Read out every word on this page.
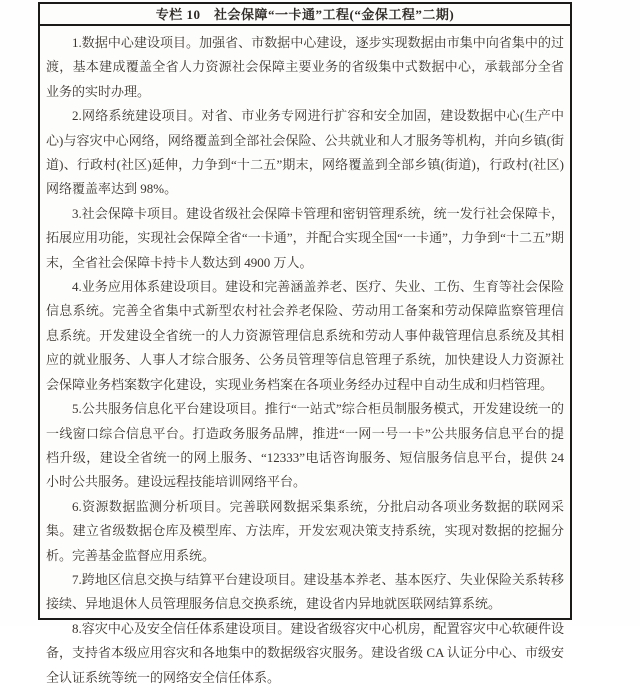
专栏 10　社会保障“一卡通”工程(“金保工程”二期)

1.数据中心建设项目。加强省、市数据中心建设，逐步实现数据由市集中向省集中的过渡，基本建成覆盖全省人力资源社会保障主要业务的省级集中式数据中心，承载部分全省业务的实时办理。

2.网络系统建设项目。对省、市业务专网进行扩容和安全加固，建设数据中心(生产中心)与容灾中心网络，网络覆盖到全部社会保险、公共就业和人才服务等机构，并向乡镇(街道)、行政村(社区)延伸，力争到“十二五”期末，网络覆盖到全部乡镇(街道)，行政村(社区)网络覆盖率达到 98%。

3.社会保障卡项目。建设省级社会保障卡管理和密钥管理系统，统一发行社会保障卡，拓展应用功能，实现社会保障全省“一卡通”，并配合实现全国“一卡通”，力争到“十二五”期末，全省社会保障卡持卡人数达到 4900 万人。

4.业务应用体系建设项目。建设和完善涵盖养老、医疗、失业、工伤、生育等社会保险信息系统。完善全省集中式新型农村社会养老保险、劳动用工备案和劳动保障监察管理信息系统。开发建设全省统一的人力资源管理信息系统和劳动人事仲裁管理信息系统及其相应的就业服务、人事人才综合服务、公务员管理等信息管理子系统，加快建设人力资源社会保障业务档案数字化建设，实现业务档案在各项业务经办过程中自动生成和归档管理。

5.公共服务信息化平台建设项目。推行“一站式”综合柜员制服务模式，开发建设统一的一线窗口综合信息平台。打造政务服务品牌，推进“一网一号一卡”公共服务信息平台的提档升级，建设全省统一的网上服务、“12333”电话咨询服务、短信服务信息平台，提供 24 小时公共服务。建设远程技能培训网络平台。

6.资源数据监测分析项目。完善联网数据采集系统，分批启动各项业务数据的联网采集。建立省级数据仓库及模型库、方法库，开发宏观决策支持系统，实现对数据的挖掘分析。完善基金监督应用系统。

7.跨地区信息交换与结算平台建设项目。建设基本养老、基本医疗、失业保险关系转移接续、异地退休人员管理服务信息交换系统，建设省内异地就医联网结算系统。

8.容灾中心及安全信任体系建设项目。建设省级容灾中心机房，配置容灾中心软硬件设备，支持省本级应用容灾和各地集中的数据级容灾服务。建设省级 CA 认证分中心、市级安全认证系统等统一的网络安全信任体系。
